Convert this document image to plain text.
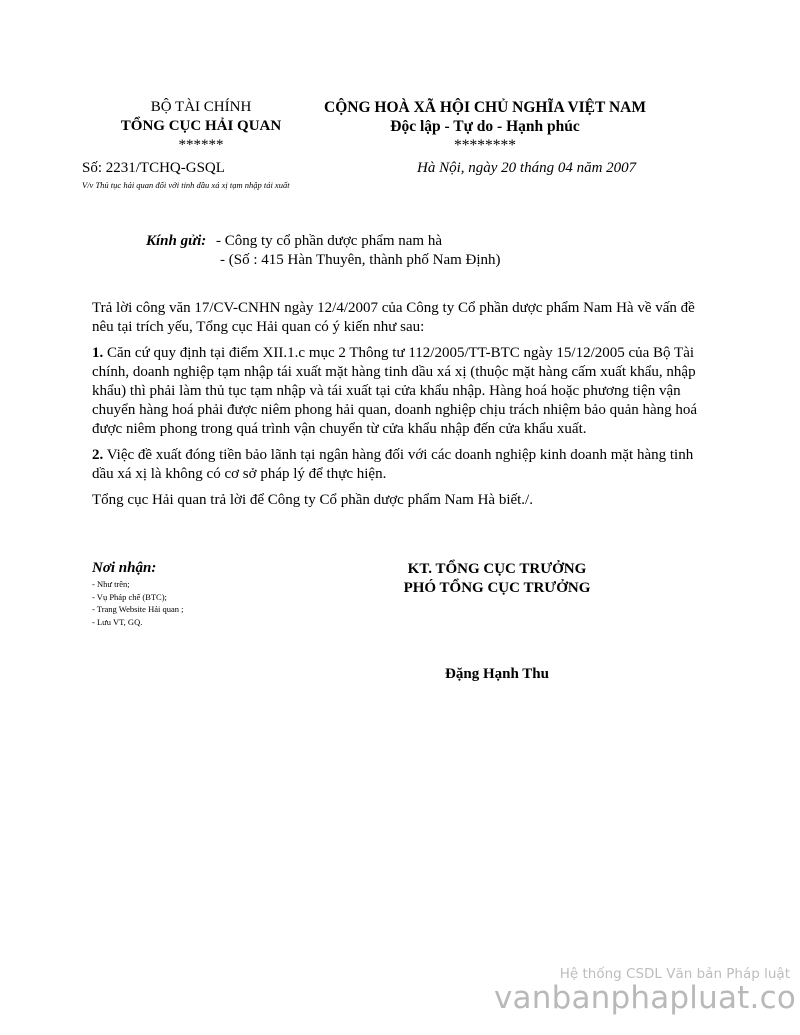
BỘ TÀI CHÍNH
TỔNG CỤC HẢI QUAN
******
CỘNG HOÀ XÃ HỘI CHỦ NGHĨA VIỆT NAM
Độc lập - Tự do - Hạnh phúc
********
Số: 2231/TCHQ-GSQL
V/v Thủ tục hải quan đối với tinh dầu xá xị tạm nhập tái xuất
Hà Nội, ngày 20 tháng 04 năm 2007
Kính gửi: - Công ty cổ phần dược phẩm nam hà
- (Số : 415 Hàn Thuyên, thành phố Nam Định)

Trả lời công văn 17/CV-CNHN ngày 12/4/2007 của Công ty Cổ phần dược phẩm Nam Hà về vấn đề nêu tại trích yếu, Tổng cục Hải quan có ý kiến như sau:

1. Căn cứ quy định tại điểm XII.1.c mục 2 Thông tư 112/2005/TT-BTC ngày 15/12/2005 của Bộ Tài chính, doanh nghiệp tạm nhập tái xuất mặt hàng tinh dầu xá xị (thuộc mặt hàng cấm xuất khẩu, nhập khẩu) thì phải làm thủ tục tạm nhập và tái xuất tại cửa khẩu nhập. Hàng hoá hoặc phương tiện vận chuyển hàng hoá phải được niêm phong hải quan, doanh nghiệp chịu trách nhiệm bảo quản hàng hoá được niêm phong trong quá trình vận chuyển từ cửa khẩu nhập đến cửa khẩu xuất.

2. Việc đề xuất đóng tiền bảo lãnh tại ngân hàng đối với các doanh nghiệp kinh doanh mặt hàng tinh dầu xá xị là không có cơ sở pháp lý để thực hiện.

Tổng cục Hải quan trả lời để Công ty Cổ phần dược phẩm Nam Hà biết./.

Nơi nhận:
- Như trên;
- Vụ Pháp chế (BTC);
- Trang Website Hải quan ;
- Lưu VT, GQ.
KT. TỔNG CỤC TRƯỞNG
PHÓ TỔNG CỤC TRƯỞNG
Đặng Hạnh Thu
Hệ thống CSDL Văn bản Pháp luật
vanbanphapluat.co
